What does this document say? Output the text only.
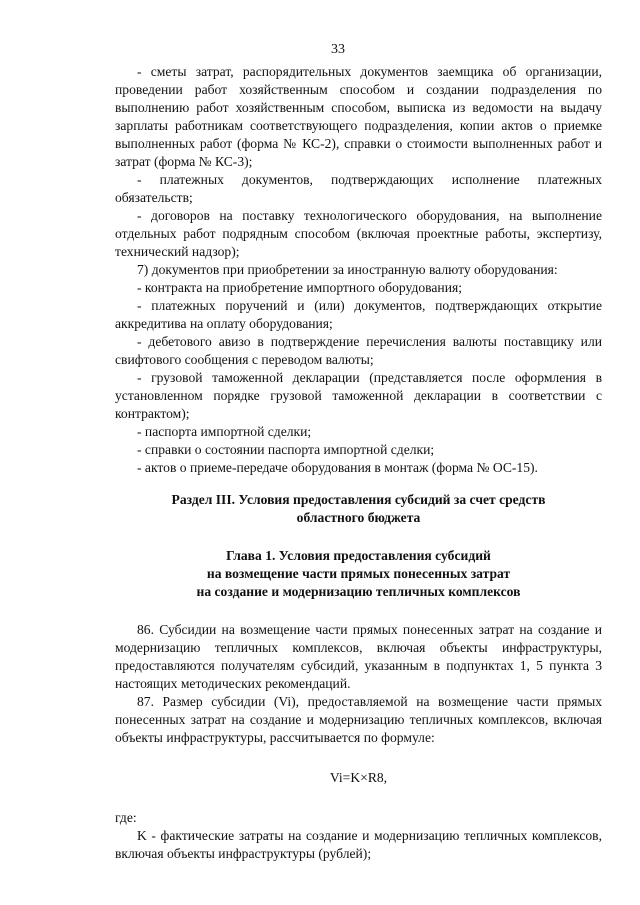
33

- сметы затрат, распорядительных документов заемщика об организации, проведении работ хозяйственным способом и создании подразделения по выполнению работ хозяйственным способом, выписка из ведомости на выдачу зарплаты работникам соответствующего подразделения, копии актов о приемке выполненных работ (форма № КС-2), справки о стоимости выполненных работ и затрат (форма № КС-3);

- платежных документов, подтверждающих исполнение платежных обязательств;

- договоров на поставку технологического оборудования, на выполнение отдельных работ подрядным способом (включая проектные работы, экспертизу, технический надзор);

7) документов при приобретении за иностранную валюту оборудования:

- контракта на приобретение импортного оборудования;

- платежных поручений и (или) документов, подтверждающих открытие аккредитива на оплату оборудования;

- дебетового авизо в подтверждение перечисления валюты поставщику или свифтового сообщения с переводом валюты;

- грузовой таможенной декларации (представляется после оформления в установленном порядке грузовой таможенной декларации в соответствии с контрактом);

- паспорта импортной сделки;

- справки о состоянии паспорта импортной сделки;

- актов о приеме-передаче оборудования в монтаж (форма № ОС-15).

Раздел III. Условия предоставления субсидий за счет средств

областного бюджета

Глава 1. Условия предоставления субсидий

на возмещение части прямых понесенных затрат

на создание и модернизацию тепличных комплексов

86. Субсидии на возмещение части прямых понесенных затрат на создание и модернизацию тепличных комплексов, включая объекты инфраструктуры, предоставляются получателям субсидий, указанным в подпунктах 1, 5 пункта 3 настоящих методических рекомендаций.

87. Размер субсидии (Vi), предоставляемой на возмещение части прямых понесенных затрат на создание и модернизацию тепличных комплексов, включая объекты инфраструктуры, рассчитывается по формуле:

Vi=K×R8,

где:

K - фактические затраты на создание и модернизацию тепличных комплексов, включая объекты инфраструктуры (рублей);
